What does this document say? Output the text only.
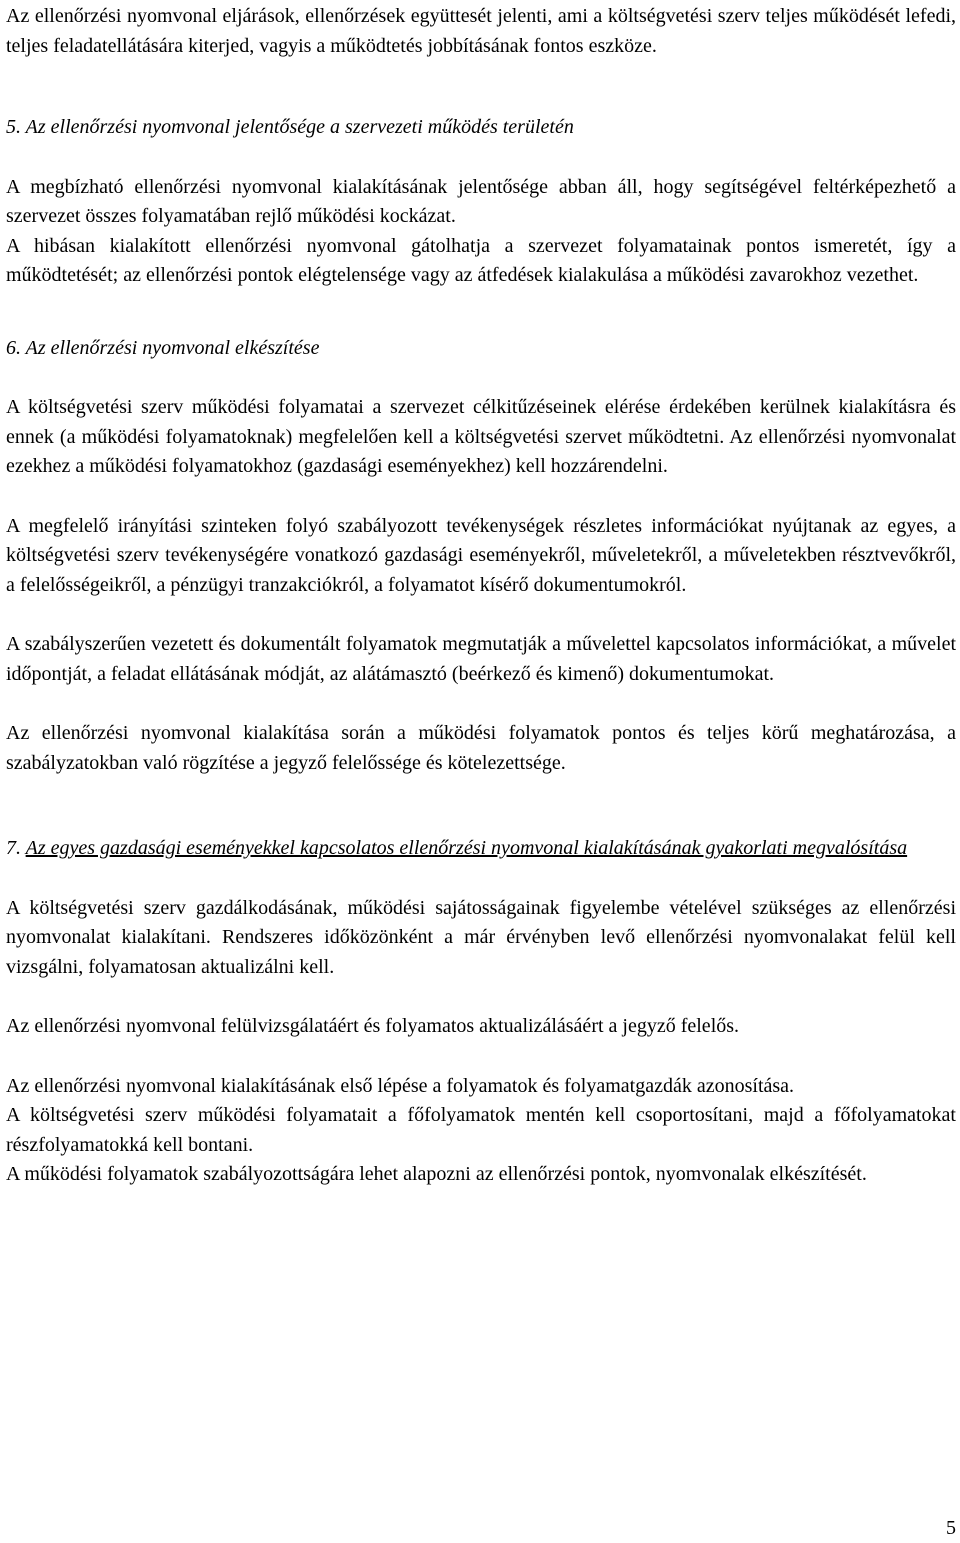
Az ellenőrzési nyomvonal eljárások, ellenőrzések együttesét jelenti, ami a költségvetési szerv teljes működését lefedi, teljes feladatellátására kiterjed, vagyis a működtetés jobbításának fontos eszköze.

5. Az ellenőrzési nyomvonal jelentősége a szervezeti működés területén

A megbízható ellenőrzési nyomvonal kialakításának jelentősége abban áll, hogy segítségével feltérképezhető a szervezet összes folyamatában rejlő működési kockázat.

A hibásan kialakított ellenőrzési nyomvonal gátolhatja a szervezet folyamatainak pontos ismeretét, így a működtetését; az ellenőrzési pontok elégtelensége vagy az átfedések kialakulása a működési zavarokhoz vezethet.

6. Az ellenőrzési nyomvonal elkészítése

A költségvetési szerv működési folyamatai a szervezet célkitűzéseinek elérése érdekében kerülnek kialakításra és ennek (a működési folyamatoknak) megfelelően kell a költségvetési szervet működtetni. Az ellenőrzési nyomvonalat ezekhez a működési folyamatokhoz (gazdasági eseményekhez) kell hozzárendelni.

A megfelelő irányítási szinteken folyó szabályozott tevékenységek részletes információkat nyújtanak az egyes, a költségvetési szerv tevékenységére vonatkozó gazdasági eseményekről, műveletekről, a műveletekben résztvevőkről, a felelősségeikről, a pénzügyi tranzakciókról, a folyamatot kísérő dokumentumokról.

A szabályszerűen vezetett és dokumentált folyamatok megmutatják a művelettel kapcsolatos információkat, a művelet időpontját, a feladat ellátásának módját, az alátámasztó (beérkező és kimenő) dokumentumokat.

Az ellenőrzési nyomvonal kialakítása során a működési folyamatok pontos és teljes körű meghatározása, a szabályzatokban való rögzítése a jegyző felelőssége és kötelezettsége.

7. Az egyes gazdasági eseményekkel kapcsolatos ellenőrzési nyomvonal kialakításának gyakorlati megvalósítása

A költségvetési szerv gazdálkodásának, működési sajátosságainak figyelembe vételével szükséges az ellenőrzési nyomvonalat kialakítani. Rendszeres időközönként a már érvényben levő ellenőrzési nyomvonalakat felül kell vizsgálni, folyamatosan aktualizálni kell.

Az ellenőrzési nyomvonal felülvizsgálatáért és folyamatos aktualizálásáért a jegyző felelős.

Az ellenőrzési nyomvonal kialakításának első lépése a folyamatok és folyamatgazdák azonosítása.

A költségvetési szerv működési folyamatait a főfolyamatok mentén kell csoportosítani, majd a főfolyamatokat részfolyamatokká kell bontani.

A működési folyamatok szabályozottságára lehet alapozni az ellenőrzési pontok, nyomvonalak elkészítését.

5
